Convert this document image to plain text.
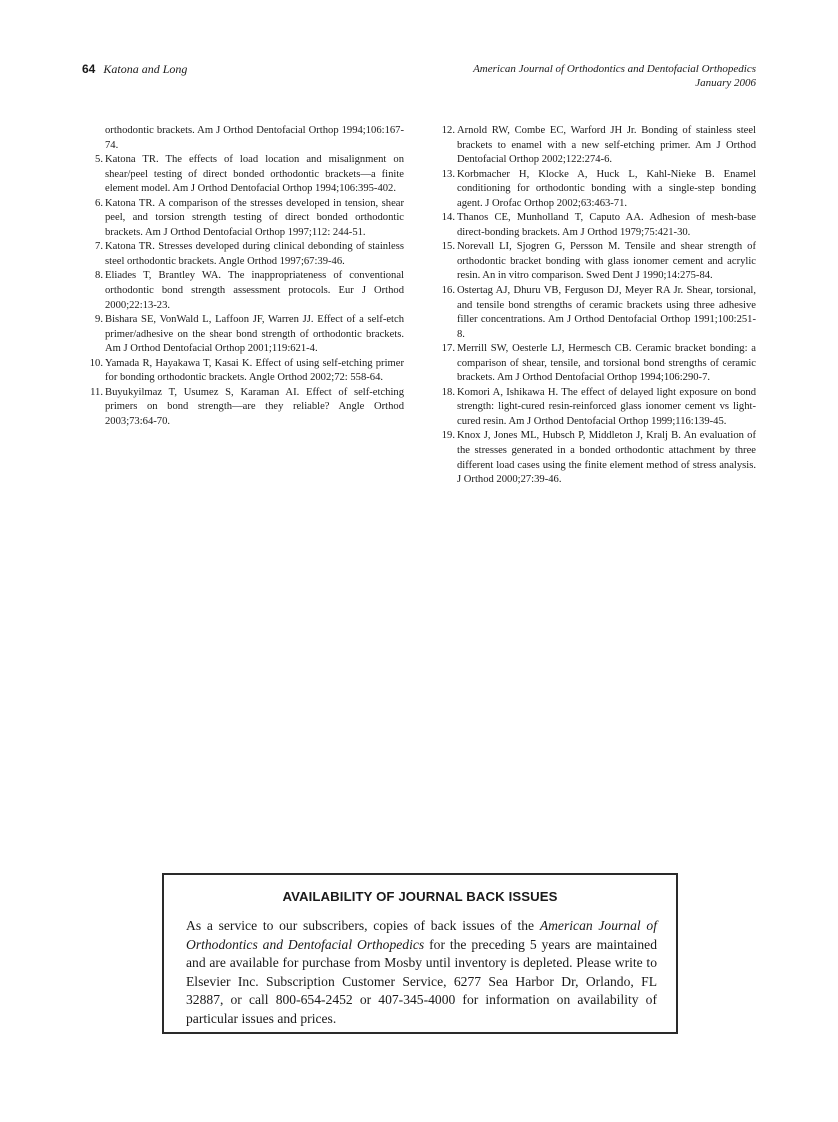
64 Katona and Long	American Journal of Orthodontics and Dentofacial Orthopedics
January 2006

orthodontic brackets. Am J Orthod Dentofacial Orthop 1994;106:167-74.

5. Katona TR. The effects of load location and misalignment on shear/peel testing of direct bonded orthodontic brackets—a finite element model. Am J Orthod Dentofacial Orthop 1994;106:395-402.

6. Katona TR. A comparison of the stresses developed in tension, shear peel, and torsion strength testing of direct bonded orthodontic brackets. Am J Orthod Dentofacial Orthop 1997;112: 244-51.

7. Katona TR. Stresses developed during clinical debonding of stainless steel orthodontic brackets. Angle Orthod 1997;67:39-46.

8. Eliades T, Brantley WA. The inappropriateness of conventional orthodontic bond strength assessment protocols. Eur J Orthod 2000;22:13-23.

9. Bishara SE, VonWald L, Laffoon JF, Warren JJ. Effect of a self-etch primer/adhesive on the shear bond strength of orthodontic brackets. Am J Orthod Dentofacial Orthop 2001;119:621-4.

10. Yamada R, Hayakawa T, Kasai K. Effect of using self-etching primer for bonding orthodontic brackets. Angle Orthod 2002;72: 558-64.

11. Buyukyilmaz T, Usumez S, Karaman AI. Effect of self-etching primers on bond strength—are they reliable? Angle Orthod 2003;73:64-70.

12. Arnold RW, Combe EC, Warford JH Jr. Bonding of stainless steel brackets to enamel with a new self-etching primer. Am J Orthod Dentofacial Orthop 2002;122:274-6.

13. Korbmacher H, Klocke A, Huck L, Kahl-Nieke B. Enamel conditioning for orthodontic bonding with a single-step bonding agent. J Orofac Orthop 2002;63:463-71.

14. Thanos CE, Munholland T, Caputo AA. Adhesion of mesh-base direct-bonding brackets. Am J Orthod 1979;75:421-30.

15. Norevall LI, Sjogren G, Persson M. Tensile and shear strength of orthodontic bracket bonding with glass ionomer cement and acrylic resin. An in vitro comparison. Swed Dent J 1990;14:275-84.

16. Ostertag AJ, Dhuru VB, Ferguson DJ, Meyer RA Jr. Shear, torsional, and tensile bond strengths of ceramic brackets using three adhesive filler concentrations. Am J Orthod Dentofacial Orthop 1991;100:251-8.

17. Merrill SW, Oesterle LJ, Hermesch CB. Ceramic bracket bonding: a comparison of shear, tensile, and torsional bond strengths of ceramic brackets. Am J Orthod Dentofacial Orthop 1994;106:290-7.

18. Komori A, Ishikawa H. The effect of delayed light exposure on bond strength: light-cured resin-reinforced glass ionomer cement vs light-cured resin. Am J Orthod Dentofacial Orthop 1999;116:139-45.

19. Knox J, Jones ML, Hubsch P, Middleton J, Kralj B. An evaluation of the stresses generated in a bonded orthodontic attachment by three different load cases using the finite element method of stress analysis. J Orthod 2000;27:39-46.

AVAILABILITY OF JOURNAL BACK ISSUES
As a service to our subscribers, copies of back issues of the American Journal of Orthodontics and Dentofacial Orthopedics for the preceding 5 years are maintained and are available for purchase from Mosby until inventory is depleted. Please write to Elsevier Inc. Subscription Customer Service, 6277 Sea Harbor Dr, Orlando, FL 32887, or call 800-654-2452 or 407-345-4000 for information on availability of particular issues and prices.
